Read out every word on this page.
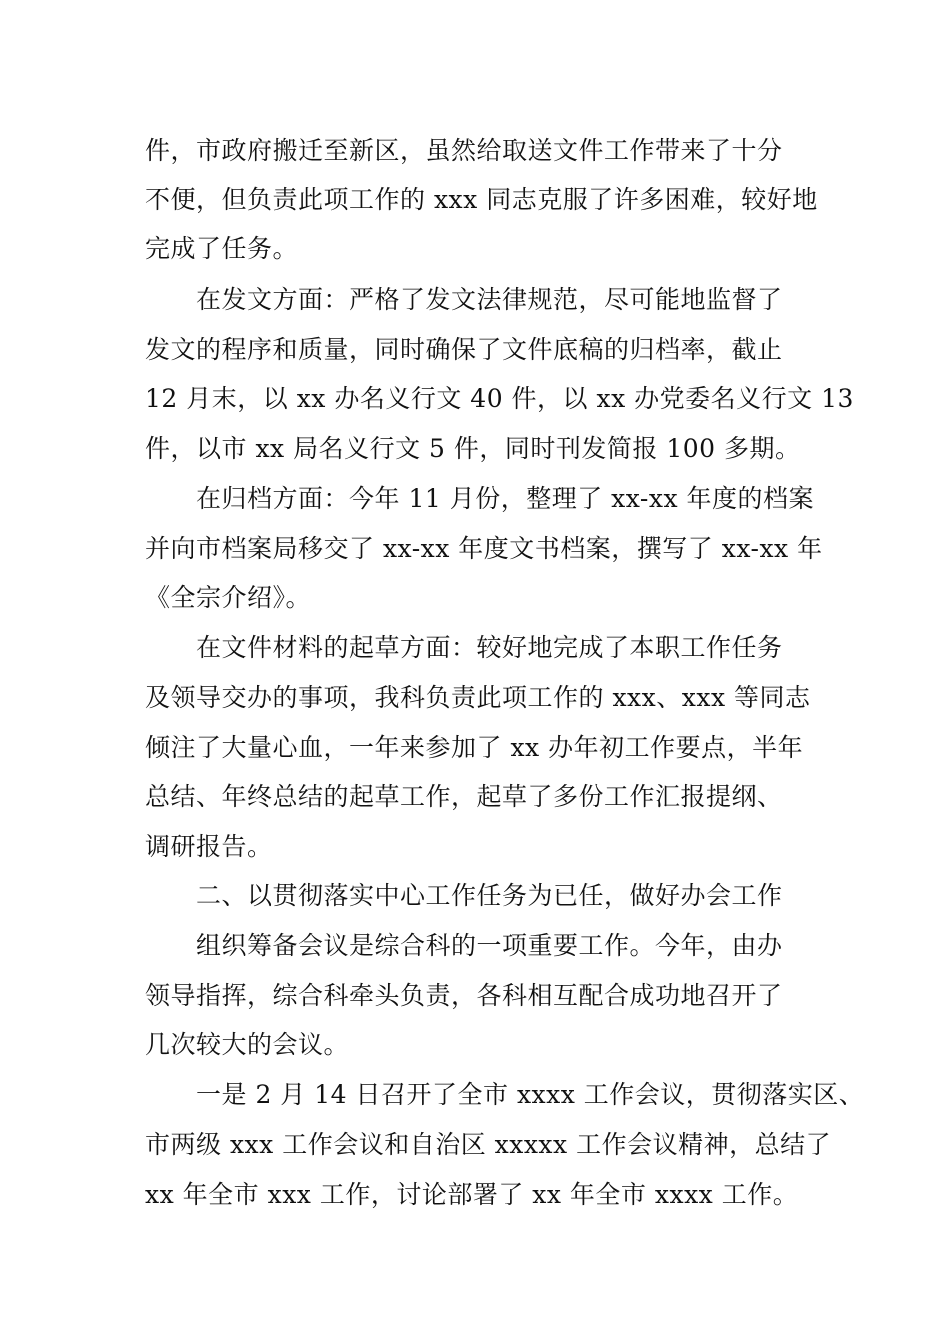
件，市政府搬迁至新区，虽然给取送文件工作带来了十分
不便，但负责此项工作的 xxx 同志克服了许多困难，较好地
完成了任务。
在发文方面：严格了发文法律规范，尽可能地监督了
发文的程序和质量，同时确保了文件底稿的归档率，截止
12 月末，以 xx 办名义行文 40 件，以 xx 办党委名义行文 13
件，以市 xx 局名义行文 5 件，同时刊发简报 100 多期。
在归档方面：今年 11 月份，整理了 xx-xx 年度的档案
并向市档案局移交了 xx-xx 年度文书档案，撰写了 xx-xx 年
《全宗介绍》。
在文件材料的起草方面：较好地完成了本职工作任务
及领导交办的事项，我科负责此项工作的 xxx、xxx 等同志
倾注了大量心血，一年来参加了 xx 办年初工作要点，半年
总结、年终总结的起草工作，起草了多份工作汇报提纲、
调研报告。
二、以贯彻落实中心工作任务为已任，做好办会工作
组织筹备会议是综合科的一项重要工作。今年，由办
领导指挥，综合科牵头负责，各科相互配合成功地召开了
几次较大的会议。
一是 2 月 14 日召开了全市 xxxx 工作会议，贯彻落实区、
市两级 xxx 工作会议和自治区 xxxxx 工作会议精神，总结了
xx 年全市 xxx 工作，讨论部署了 xx 年全市 xxxx 工作。
